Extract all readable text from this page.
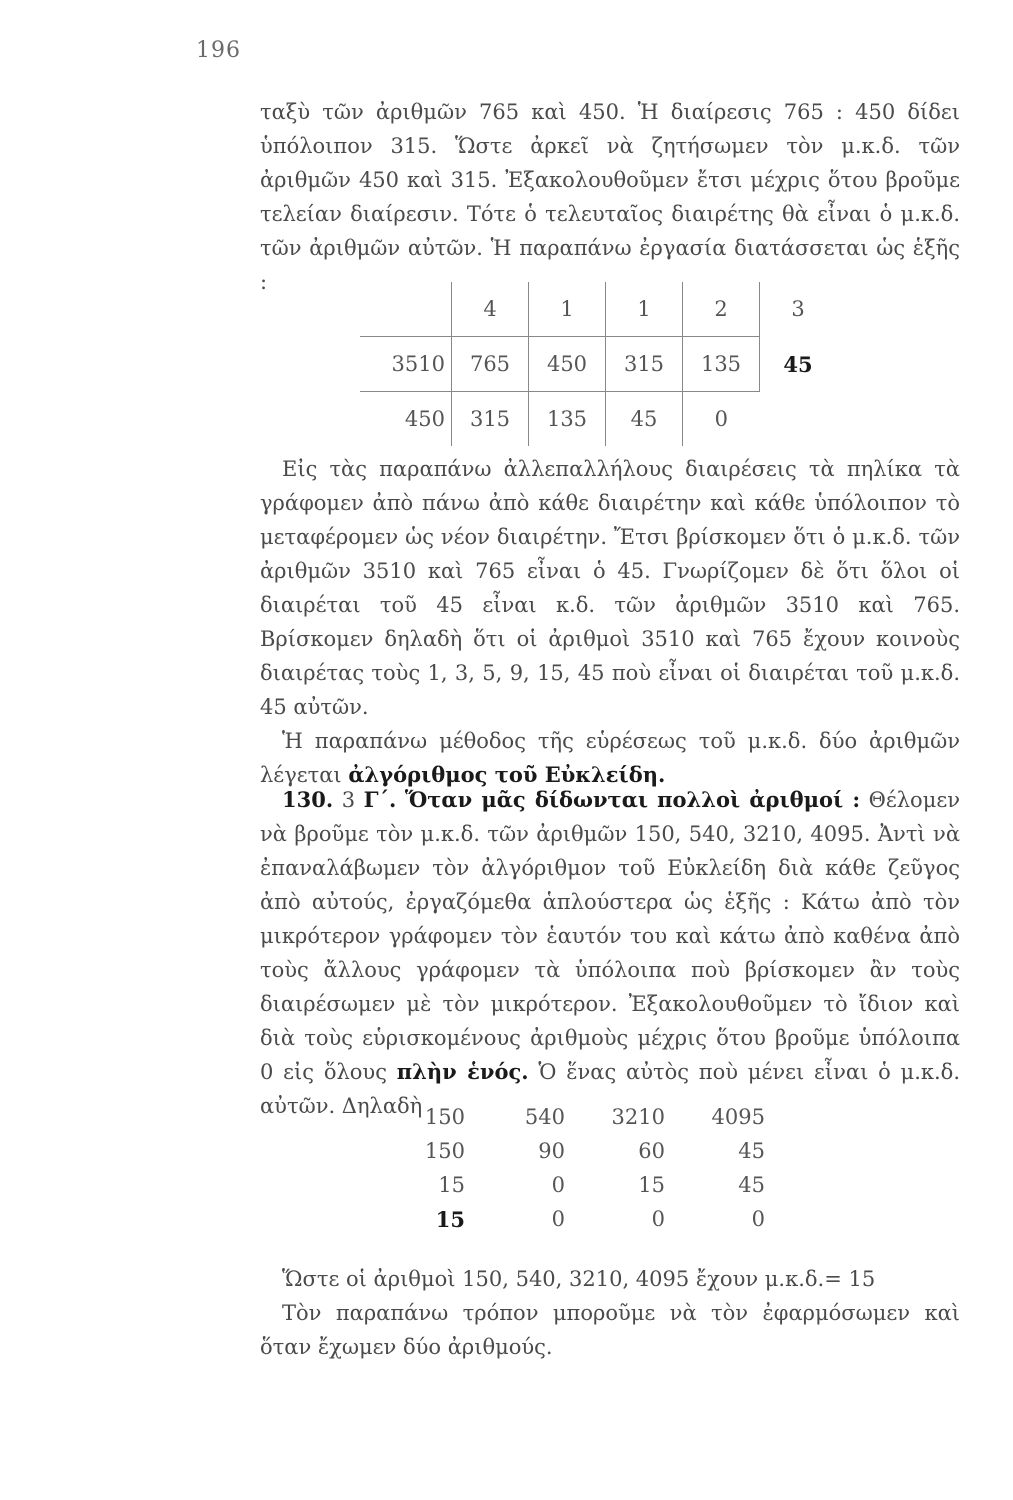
196

ταξὺ τῶν ἀριθμῶν 765 καὶ 450. Ἡ διαίρεσις 765 : 450 δίδει ὑπόλοιπον 315. Ὥστε ἀρκεῖ νὰ ζητήσωμεν τὸν μ.κ.δ. τῶν ἀριθμῶν 450 καὶ 315. Ἐξακολουθοῦμεν ἔτσι μέχρις ὅτου βροῦμε τελείαν διαίρεσιν. Τότε ὁ τελευταῖος διαιρέτης θὰ εἶναι ὁ μ.κ.δ. τῶν ἀριθμῶν αὐτῶν. Ἡ παραπάνω ἐργασία διατάσσεται ὡς ἑξῆς :

	4	1	1	2	3
3510	765	450	315	135	45
450	315	135	45	0	

Εἰς τὰς παραπάνω ἀλλεπαλλήλους διαιρέσεις τὰ πηλίκα τὰ γράφομεν ἀπὸ πάνω ἀπὸ κάθε διαιρέτην καὶ κάθε ὑπόλοιπον τὸ μεταφέρομεν ὡς νέον διαιρέτην. Ἔτσι βρίσκομεν ὅτι ὁ μ.κ.δ. τῶν ἀριθμῶν 3510 καὶ 765 εἶναι ὁ 45. Γνωρίζομεν δὲ ὅτι ὅλοι οἱ διαιρέται τοῦ 45 εἶναι κ.δ. τῶν ἀριθμῶν 3510 καὶ 765. Βρίσκομεν δηλαδὴ ὅτι οἱ ἀριθμοὶ 3510 καὶ 765 ἔχουν κοινοὺς διαιρέτας τοὺς 1, 3, 5, 9, 15, 45 ποὺ εἶναι οἱ διαιρέται τοῦ μ.κ.δ. 45 αὐτῶν.

Ἡ παραπάνω μέθοδος τῆς εὑρέσεως τοῦ μ.κ.δ. δύο ἀριθμῶν λέγεται ἀλγόριθμος τοῦ Εὐκλείδη.

130. 3 Γ΄. Ὅταν μᾶς δίδωνται πολλοὶ ἀριθμοί : Θέλομεν νὰ βροῦμε τὸν μ.κ.δ. τῶν ἀριθμῶν 150, 540, 3210, 4095. Ἀντὶ νὰ ἐπαναλάβωμεν τὸν ἀλγόριθμον τοῦ Εὐκλείδη διὰ κάθε ζεῦγος ἀπὸ αὐτούς, ἐργαζόμεθα ἁπλούστερα ὡς ἑξῆς : Κάτω ἀπὸ τὸν μικρότερον γράφομεν τὸν ἑαυτόν του καὶ κάτω ἀπὸ καθένα ἀπὸ τοὺς ἄλλους γράφομεν τὰ ὑπόλοιπα ποὺ βρίσκομεν ἂν τοὺς διαιρέσωμεν μὲ τὸν μικρότερον. Ἐξακολουθοῦμεν τὸ ἴδιον καὶ διὰ τοὺς εὑρισκομένους ἀριθμοὺς μέχρις ὅτου βροῦμε ὑπόλοιπα 0 εἰς ὅλους πλὴν ἑνός. Ὁ ἕνας αὐτὸς ποὺ μένει εἶναι ὁ μ.κ.δ. αὐτῶν. Δηλαδὴ 150	540	3210	4095
150	90	60	45
15	0	15	45
15	0	0	0

Ὥστε οἱ ἀριθμοὶ 150, 540, 3210, 4095 ἔχουν μ.κ.δ.= 15

Τὸν παραπάνω τρόπον μποροῦμε νὰ τὸν ἐφαρμόσωμεν καὶ ὅταν ἔχωμεν δύο ἀριθμούς.
